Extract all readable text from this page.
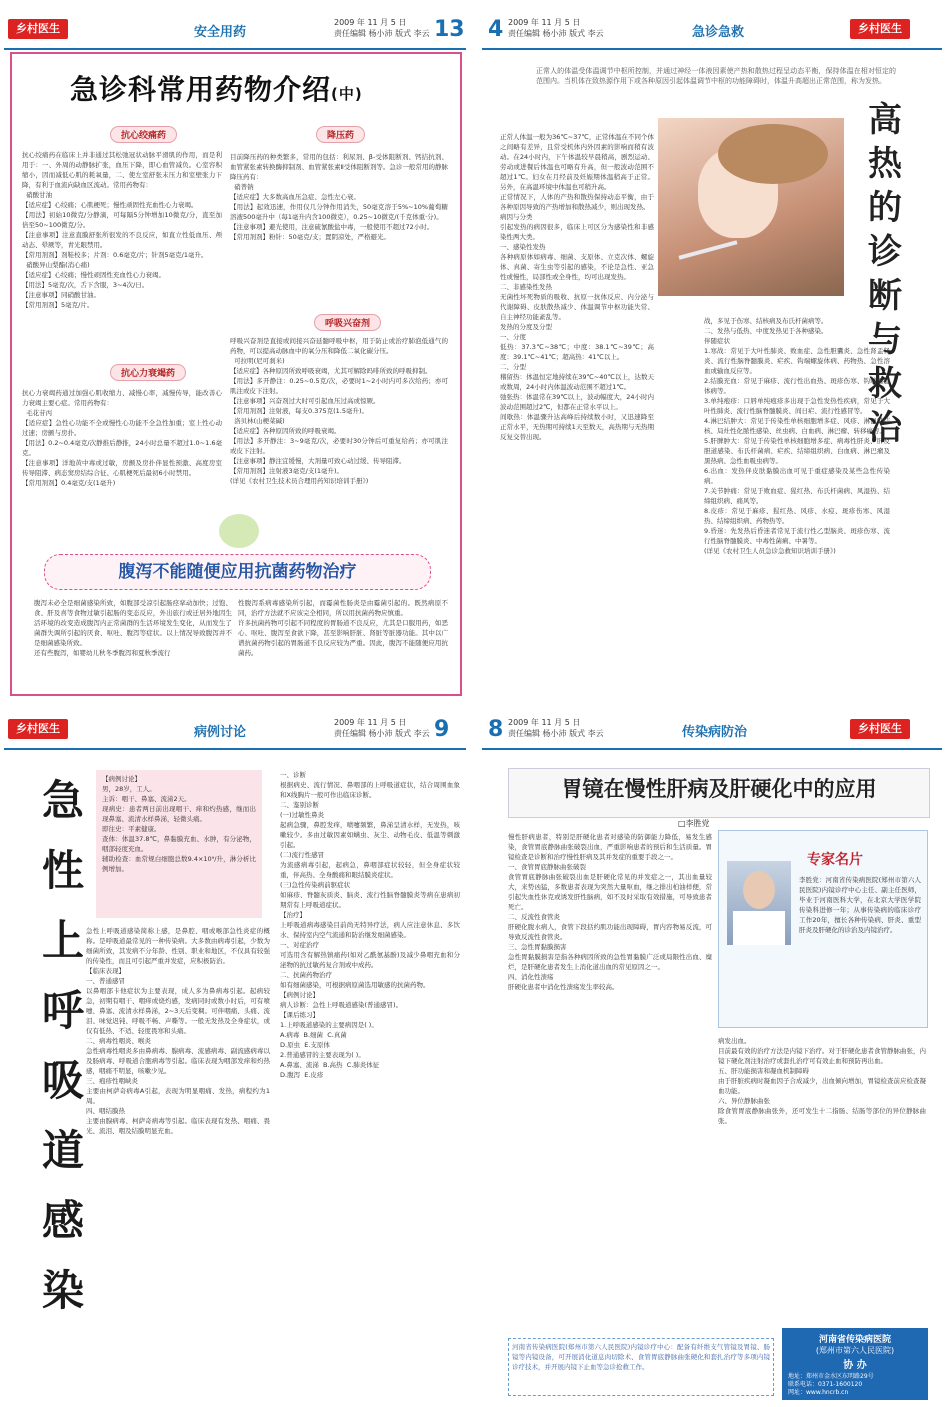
乡村医生	安全用药
2009 年 11 月 5 日
责任编辑 杨小沛 版式 李云 13
急诊科常用药物介绍(中)
抗心绞痛药	降压药
抗心绞痛药在临床上并非通过其松弛冠状动脉平滑肌的作用，而是利用于：一、外周的动静脉扩张，血压下降，即心血管减负。心室容积缩小，因而减低心肌的耗氧量，二、使左室舒张末压力和室壁张力下降，有利于血流向缺血区流动。常用药物有：
硝酸甘油
【适应症】心绞痛；心肌梗死；慢性顽固性充血性心力衰竭。
【用法】初始10微克/分静滴，可每隔5分钟增加10微克/分，直至加倍至50~100微克/分。
【注意事项】注意直膜舒张所很发的不良反应，如直立性低血压、颅动态、晕厥等，青光眼禁用。
【常用剂剂】剂鞋校多；片剂：0.6毫克/片；针剂5毫克/1毫升。
硝酸异山梨酯(消心痛)
【适应症】心绞痛；慢性顽固性充血性心力衰竭。
【用法】5毫克/次，舌下含服，3~4次/日。
【注意事项】同硝酸甘油。
【常用剂剂】5毫克/片。
目前降压药的种类繁多，常用的包括：利尿剂、β-受体阻断剂、钙拮抗剂、血管紧张素转换酶抑制剂、血管紧张素Ⅱ受体阻断剂等。急诊一般常用的静脉降压药有：
硝普钠
【适应症】大多数高血压急症、急性左心衰。
【用法】起效迅速，作用仅几分钟作用消失，50毫克溶于5%~10%葡萄糖溶液500毫升中（每1毫升内含100微克），0.25~10微克/(千克体重·分)。
【注意事项】避光使用，注意硫氰酸盐中毒，一般使用不超过72小时。
【常用剂剂】粉针：50毫克/支；置阴凉处，严格避光。
呼吸兴奋剂
抗心力衰竭药
抗心力衰竭药通过加强心肌收缩力、减慢心率，减慢传导，能改善心力衰竭主要心症。常用药物有：
毛花苷丙
【适应症】急性心功能不全或慢性心功能不全急性加重；室上性心动过速；房颤与房扑。
【用法】0.2~0.4毫克/次静推后静推，24小时总量不超过1.0~1.6毫克。
【注意事项】洋地黄中毒或过敏，房颤及房扑伴显性预激、高度房室传导阻滞、病态窦房结综合征、心肌梗死后最初6小时禁用。
【常用剂剂】0.4毫克/支(1毫升)
呼吸兴奋剂是直接或间接兴奋延髓呼吸中枢，用于防止或治疗肺泡低通气的药物，可以提高动脉血中的氧分压和降低二氧化碳分压。
可拉明(尼可刹米)
【适应症】各种原因所致呼吸衰竭，尤其可解除吗啡所致的呼吸抑制。
【用法】多开静注：0.25~0.5克/次，必要时1~2小时内可多次给药；亦可肌注或皮下注射。
【注意事项】兴奋剂过大时可引起血压过高或惊厥。
【常用剂剂】注射液，每支0.375克(1.5毫升)。
洛贝林(山梗菜碱)
【适应症】各种原因所致的呼吸衰竭。
【用法】多开静注：3~9毫克/次，必要时30分钟后可重复给药；亦可肌注或皮下注射。
【注意事项】静注宜缓慢，大剂量可致心动过缓、传导阻滞。
【常用剂剂】注射液3毫克/支(1毫升)。
(详见《农村卫生技术员合理用药知识培训手册》)
腹泻不能随便应用抗菌药物治疗
腹泻未必全是细菌感染所致，如腹部受凉引起肠痉挛动加快；过饱、食、肝及喜等食物过敏引起肠的变态反应，外出旅行或迁居外地因生活环境的改变造成腹泻内正常菌群的生活环境发生变化，从而发生了菌群失调所引起的厌食、呕吐、腹泻等症状。以上情况导致腹泻并不是细菌感染所致。
还有些腹泻，如婴幼儿秋冬季腹泻和夏秋季流行
性腹泻系病毒感染所引起，而霉菌性肠炎是由霉菌引起的。既然病原不同，治疗方法就不应该完全相同，所以用抗菌药物应慎重。
许多抗菌药物可引起不同程度的胃肠道不良反应，尤其是口服用药，如恶心、呕吐、腹泻至食欲下降，甚至影响肝脏、肾脏等脏器功能。其中以广谱抗菌药物引起的胃肠道不良反应较为严重。因此，腹泻不能随便应用抗菌药。
4 2009 年 11 月 5 日
责任编辑 杨小沛 版式 李云	急诊急救	乡村医生
正常人的体温受体温调节中枢所控制，并通过神经一体液因素使产热和散热过程呈动态平衡，保持体温在相对恒定的范围内。当机体在致热源作用下或各种原因引起体温调节中枢的功能障碍时，体温升高超出正常范围，称为发热。
高热的诊断与救治
正常人体温一般为36℃~37℃，正常体温在不同个体之间略有差异，且常受机体内外因素的影响而稍有波动。在24小时内，下午体温较早晨稍高，剧烈运动、劳动或进餐后体温也可略有升高，但一般波动范围不超过1℃。妇女在月经前及妊娠期体温稍高于正常。另外，在高温环境中体温也可稍升高。
正常情况下，人体的产热和散热保持动态平衡，由于各种原因导致的产热增加和散热减少，则出现发热。
病因与分类
引起发热的病因很多，临床上可区分为感染性和非感染性两大类。
一、感染性发热
各种病原体如病毒、细菌、支原体、立克次体、螺旋体、真菌、寄生虫等引起的感染，不论是急性、亚急性或慢性，局部性或全身性，均可出现发热。
二、非感染性发热
无菌性坏死物质的吸收、抗原一抗体反应、内分泌与代谢障碍、皮肤散热减少、体温调节中枢功能失常、自主神经功能紊乱等。
发热的分度及分型
一、分度
低热：37.3℃~38℃；中度：38.1℃~39℃；高度：39.1℃~41℃；超高热：41℃以上。
二、分型
稽留热：体温恒定地持续在39℃~40℃以上，达数天或数周，24小时内体温波动范围不超过1℃。
弛张热：体温常在39℃以上，波动幅度大，24小时内波动范围超过2℃，但都在正常水平以上。
间歇热：体温骤升达高峰后持续数小时，又迅速降至正常水平，无热期可持续1天至数天，高热期与无热期反复交替出现。
战，多见于伤寒、结核病及布氏杆菌病等。
二、发热与低热、中度发热见于各种感染。
伴随症状
1.寒战：常见于大叶性肺炎、败血症、急性胆囊炎、急性肾盂肾炎、流行性脑脊髓膜炎、疟疾、钩端螺旋体病、药物热、急性溶血或输血反应等。
2.结膜充血：常见于麻疹、流行性出血热、斑疹伤寒、钩端螺旋体病等。
3.单纯疱疹：口唇单纯疱疹多出现于急性发热性疾病，常见于大叶性肺炎、流行性脑脊髓膜炎、间日疟、流行性感冒等。
4.淋巴结肿大：常见于传染性单核细胞增多症、风疹、淋巴结结核、局灶性化脓性感染、丝虫病、白血病、淋巴瘤、转移癌等。
5.肝脾肿大：常见于传染性单核细胞增多症、病毒性肝炎、肝及胆道感染、布氏杆菌病、疟疾、结缔组织病、白血病、淋巴瘤及黑热病、急性血吸虫病等。
6.出血：发热伴皮肤黏膜出血可见于重症感染及某些急性传染病。
7.关节肿痛：常见于败血症、猩红热、布氏杆菌病、风湿热、结缔组织病、痛风等。
8.皮疹：常见于麻疹、猩红热、风疹、水痘、斑疹伤寒、风湿热、结缔组织病、药物热等。
9.昏迷：先发热后昏迷者常见于流行性乙型脑炎、斑疹伤寒、流行性脑脊髓膜炎、中毒性菌痢、中暑等。
(详见《农村卫生人员急诊急救知识培训手册》)
乡村医生	病例讨论
2009 年 11 月 5 日
责任编辑 杨小沛 版式 李云 9
急性上呼吸道感染
【病例讨论】
男，28岁，工人。
主诉：咽干、鼻塞、流涕2天。
现病史：患者两日前出现咽干、痒和灼热感，继而出现鼻塞、流清水样鼻涕，轻微头痛。
即往史：平素健康。
查体：体温37.8℃，鼻黏膜充血、水肿，有分泌物，咽部轻度充血。
辅助检查：血常规白细胞总数9.4×10⁹/升，淋分析比例增加。
急性上呼吸道感染简称上感，是鼻腔、咽或喉部急性炎症的概称。是呼吸道最常见的一种传染病。大多数由病毒引起，少数为细菌所致，其发病不分年龄、性别、职业和地区，不仅具有较强的传染性，而且可引起严重并发症，应积极防治。
【临床表现】
一、普通感冒
以鼻咽部卡他症状为主要表现，成人多为鼻病毒引起。起病较急，初期有咽干、咽痒或烧灼感，发病同时或数小时后，可有喷嚏、鼻塞、流清水样鼻涕，2~3天后变稠。可伴咽痛、头痛、流泪、味觉迟钝、呼吸不畅、声嘶等。一般无发热及全身症状，或仅有低热、不适、轻度畏寒和头痛。
二、病毒性咽炎、喉炎
急性病毒性咽炎多由鼻病毒、腺病毒、流感病毒、副流感病毒以及肠病毒、呼吸道合胞病毒等引起。临床表现为咽部发痒和灼热感，咽痛不明显，咳嗽少见。
三、疱疹性咽峡炎
主要由柯萨奇病毒A引起，表现为明显咽痛、发热，病程约为1周。
四、咽结膜热
主要由腺病毒、柯萨奇病毒等引起。临床表现有发热、咽痛、畏光、流泪、咽及结膜明显充血。
一、诊断
根据病史、流行情况、鼻咽部的上呼吸道症状，结合周围血象和X线胸片一般可作出临床诊断。
二、鉴别诊断
(一)过敏性鼻炎
起病急骤，鼻腔发痒，喷嚏频繁，鼻涕呈清水样，无发热，咳嗽较少。多由过敏因素如螨虫、灰尘、动物毛皮、低温等刺激引起。
(二)流行性感冒
为流感病毒引起，起病急，鼻咽部症状较轻，但全身症状较重，伴高热、全身酸痛和眼结膜炎症状。
(三)急性传染病前驱症状
如麻疹、脊髓灰质炎、脑炎、流行性脑脊髓膜炎等病在患病初期常有上呼吸道症状。
【治疗】
上呼吸道病毒感染目前尚无特异疗法，病人应注意休息、多饮水、保持室内空气流通和防治继发细菌感染。
一、对症治疗
可选用含有解热镇痛药(如对乙酰氨基酚)及减少鼻咽充血和分泌物的抗过敏药复合剂或中成药。
二、抗菌药物治疗
如有细菌感染，可根据病原菌选用敏感的抗菌药物。
【病例讨论】
病人诊断：急性上呼吸道感染(普通感冒)。
【课后练习】
1.上呼吸道感染的主要病因是( )。
A.病毒  B.细菌  C.真菌
D.原虫  E.支原体
2.普通感冒的主要表现为( )。
A.鼻塞、流涕  B.高热  C.肺炎体征
D.腹泻  E.皮疹
8 2009 年 11 月 5 日
责任编辑 杨小沛 版式 李云	传染病防治	乡村医生
胃镜在慢性肝病及肝硬化中的应用
□李胜党
慢性肝病患者，特别是肝硬化患者对感染的防御能力降低，易发生感染，食管胃底静脉曲张破裂出血，严重影响患者的预后和生活质量。胃镜检查是诊断和治疗慢性肝病及其并发症的重要手段之一。
一、食管胃底静脉曲张破裂
食管胃底静脉曲张破裂出血是肝硬化常见的并发症之一，其出血量较大，来势凶猛，多数患者表现为突然大量呕血，继之排出柏油样便，常引起失血性休克或诱发肝性脑病，如不及时采取有效措施，可导致患者死亡。
二、反流性食管炎
肝硬化腹水病人，食管下段括约肌功能出现障碍，胃内容物易反流，可导致反流性食管炎。
三、急性胃黏膜损害
急性胃黏膜损害是指各种病因所致的急性胃黏膜广泛或局限性出血、糜烂，是肝硬化患者发生上消化道出血的常见原因之一。
四、消化性溃疡
肝硬化患者中消化性溃疡发生率较高。
专家名片
李胜党：河南省传染病医院(郑州市第六人民医院)内镜诊疗中心主任、副主任医师，毕业于河南医科大学，在北京大学医学院传染科进修一年；从事传染病的临床诊疗工作20年，擅长各种传染病、肝炎、重型肝炎及肝硬化的诊治及内镜治疗。
病发出血。
目前最有效的治疗方法是内镜下治疗。对于肝硬化患者食管静脉曲张，内镜下硬化剂注射治疗或套扎治疗可有效止血和预防再出血。
五、肝功能损害和凝血机制障碍
由于肝脏疾病时凝血因子合成减少，出血倾向增加，胃镜检查前应检查凝血功能。
六、异位静脉曲张
除食管胃底静脉曲张外，还可发生十二指肠、结肠等部位的异位静脉曲张。
河南省传染病医院(郑州市第六人民医院)内镜诊疗中心：配备有纤维支气管镜及胃镜、肠镜等内镜设备，可开展消化道息肉切除术、食管胃底静脉曲张硬化和套扎治疗等多项内镜诊疗技术，并开展内镜下止血等急诊抢救工作。
河南省传染病医院
(郑州市第六人民医院)
协 办
地址：郑州市金水区东明路29号
联系电话：0371-1600120
网址：www.hncrb.cn
